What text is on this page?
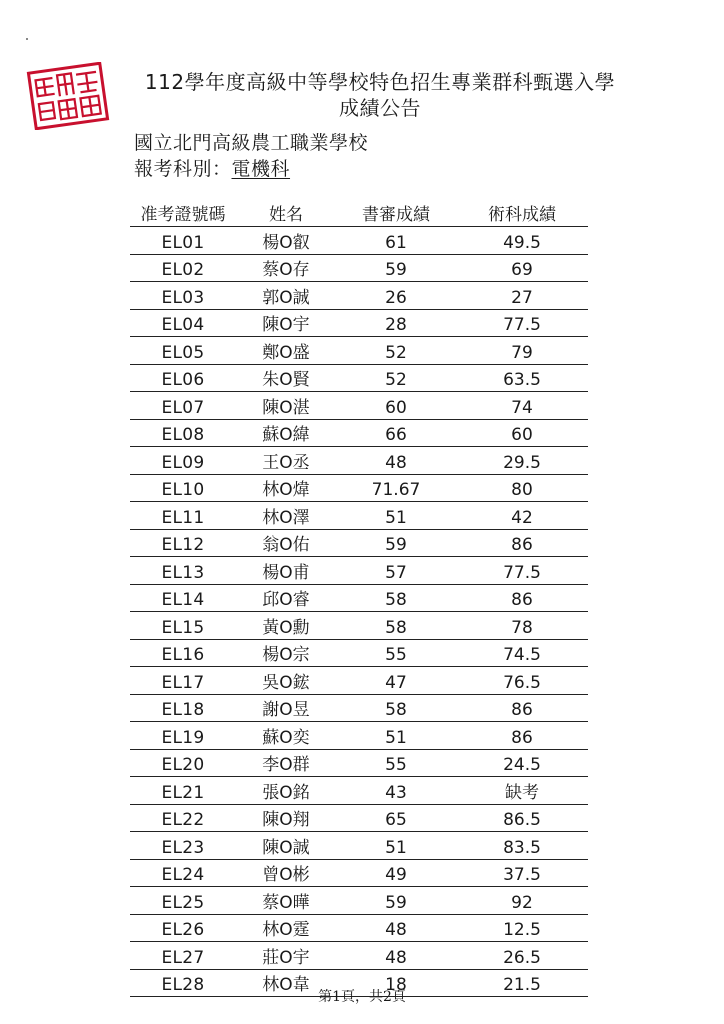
112學年度高級中等學校特色招生專業群科甄選入學
成績公告
國立北門高級農工職業學校
報考科別：電機科
准考證號碼	姓名	書審成績	術科成績
EL01	楊O叡	61	49.5
EL02	蔡O存	59	69
EL03	郭O誠	26	27
EL04	陳O宇	28	77.5
EL05	鄭O盛	52	79
EL06	朱O賢	52	63.5
EL07	陳O湛	60	74
EL08	蘇O緯	66	60
EL09	王O丞	48	29.5
EL10	林O煒	71.67	80
EL11	林O澤	51	42
EL12	翁O佑	59	86
EL13	楊O甫	57	77.5
EL14	邱O睿	58	86
EL15	黃O勳	58	78
EL16	楊O宗	55	74.5
EL17	吳O鋐	47	76.5
EL18	謝O昱	58	86
EL19	蘇O奕	51	86
EL20	李O群	55	24.5
EL21	張O銘	43	缺考
EL22	陳O翔	65	86.5
EL23	陳O誠	51	83.5
EL24	曾O彬	49	37.5
EL25	蔡O曄	59	92
EL26	林O霆	48	12.5
EL27	莊O宇	48	26.5
EL28	林O韋	18	21.5
第1頁，共2頁
